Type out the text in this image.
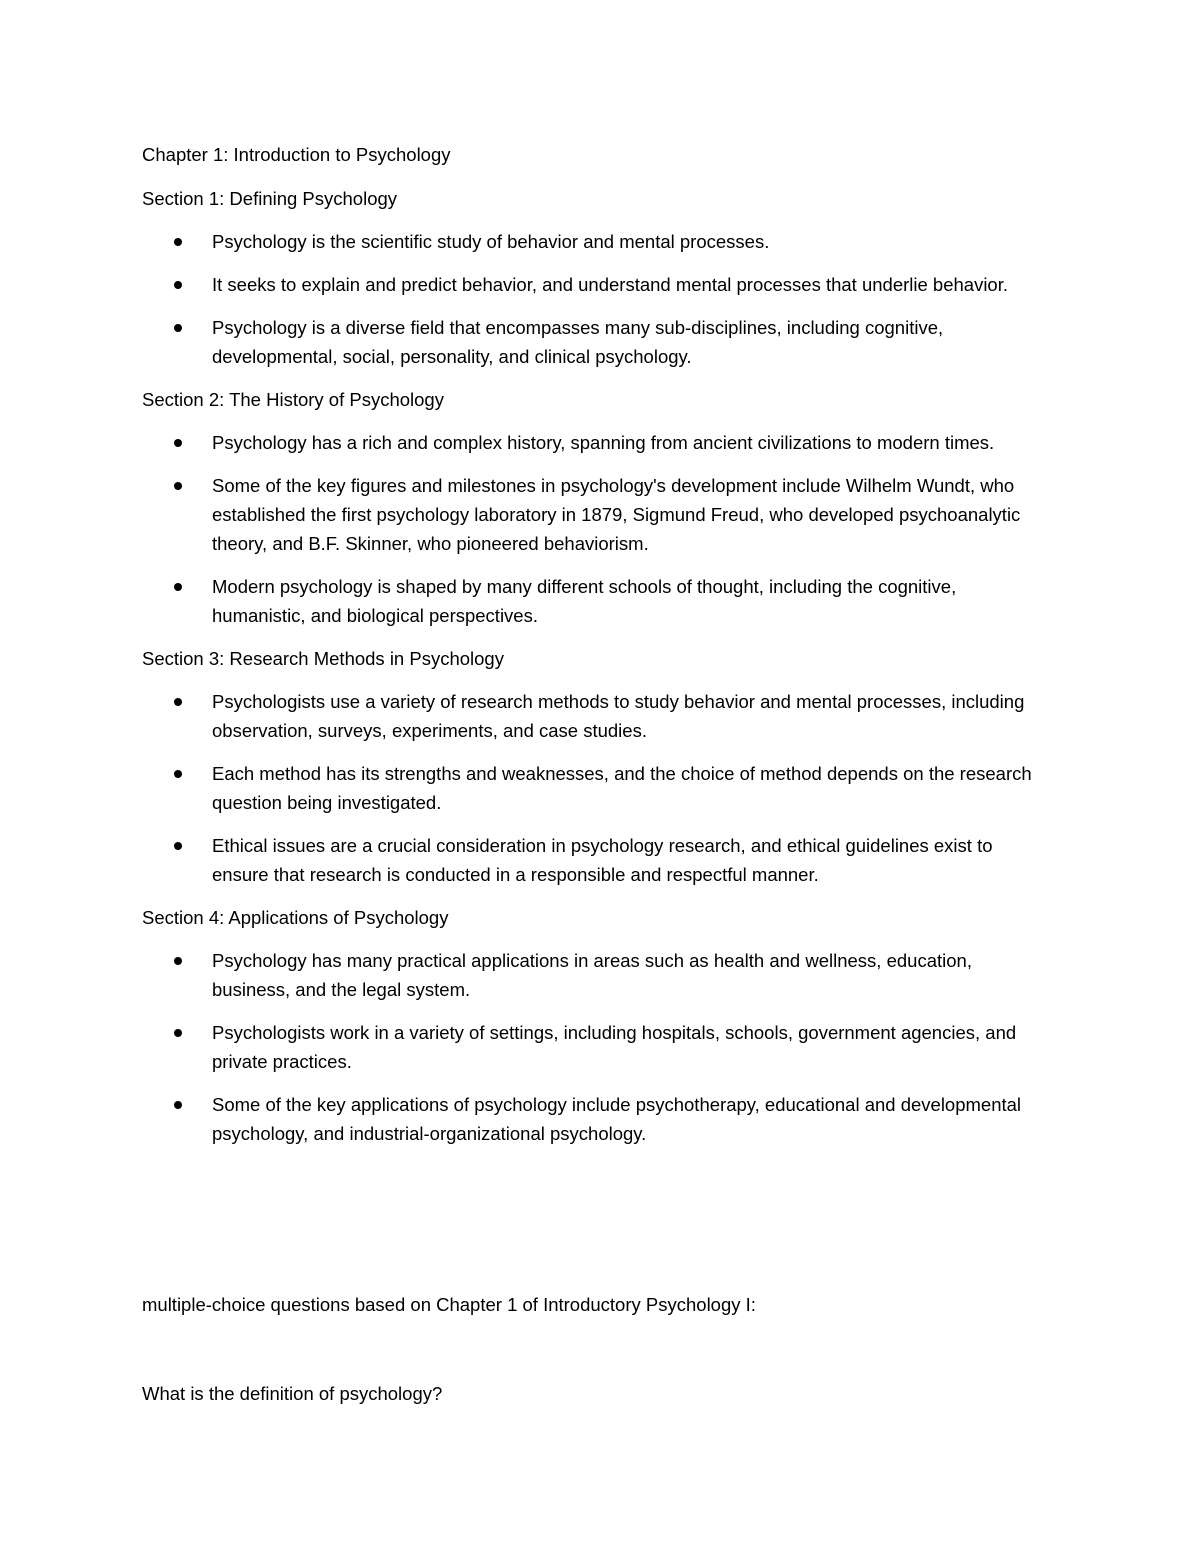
Chapter 1: Introduction to Psychology

Section 1: Defining Psychology

Psychology is the scientific study of behavior and mental processes.
It seeks to explain and predict behavior, and understand mental processes that underlie behavior.
Psychology is a diverse field that encompasses many sub-disciplines, including cognitive, developmental, social, personality, and clinical psychology.

Section 2: The History of Psychology

Psychology has a rich and complex history, spanning from ancient civilizations to modern times.
Some of the key figures and milestones in psychology's development include Wilhelm Wundt, who established the first psychology laboratory in 1879, Sigmund Freud, who developed psychoanalytic theory, and B.F. Skinner, who pioneered behaviorism.
Modern psychology is shaped by many different schools of thought, including the cognitive, humanistic, and biological perspectives.

Section 3: Research Methods in Psychology

Psychologists use a variety of research methods to study behavior and mental processes, including observation, surveys, experiments, and case studies.
Each method has its strengths and weaknesses, and the choice of method depends on the research question being investigated.
Ethical issues are a crucial consideration in psychology research, and ethical guidelines exist to ensure that research is conducted in a responsible and respectful manner.

Section 4: Applications of Psychology

Psychology has many practical applications in areas such as health and wellness, education, business, and the legal system.
Psychologists work in a variety of settings, including hospitals, schools, government agencies, and private practices.
Some of the key applications of psychology include psychotherapy, educational and developmental psychology, and industrial-organizational psychology.

multiple-choice questions based on Chapter 1 of Introductory Psychology I:

What is the definition of psychology?
